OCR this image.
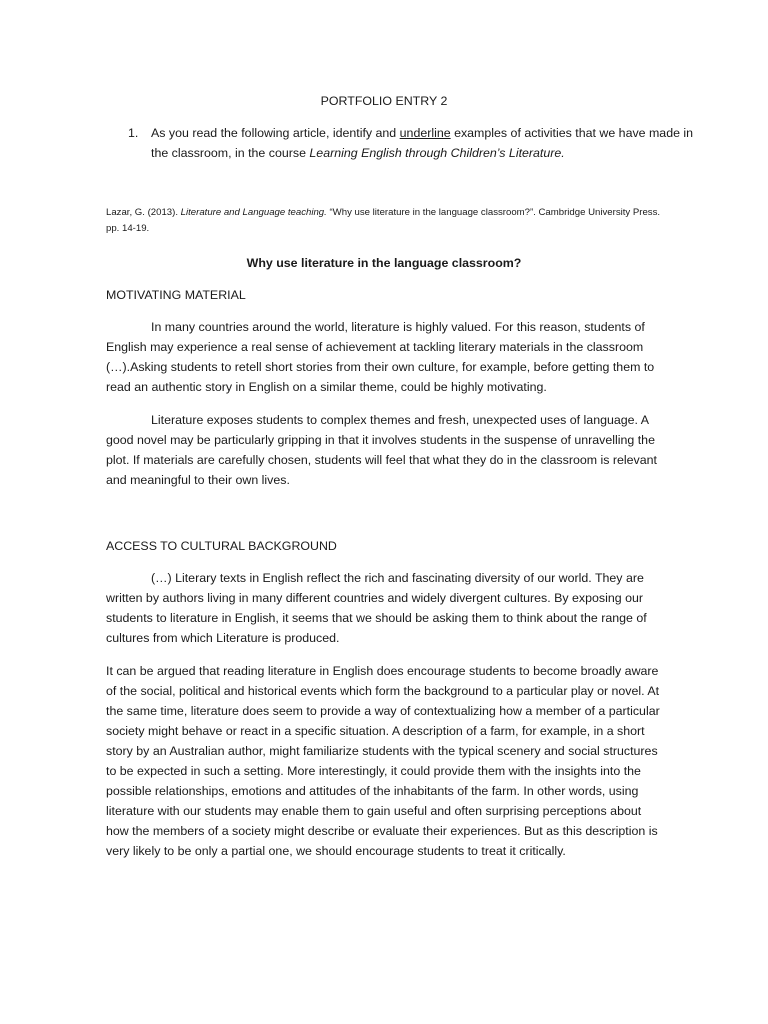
PORTFOLIO ENTRY 2
1. As you read the following article, identify and underline examples of activities that we have made in the classroom, in the course Learning English through Children’s Literature.
Lazar, G. (2013). Literature and Language teaching. “Why use literature in the language classroom?”. Cambridge University Press. pp. 14-19.
Why use literature in the language classroom?
MOTIVATING MATERIAL

In many countries around the world, literature is highly valued. For this reason, students of English may experience a real sense of achievement at tackling literary materials in the classroom (…).Asking students to retell short stories from their own culture, for example, before getting them to read an authentic story in English on a similar theme, could be highly motivating.

Literature exposes students to complex themes and fresh, unexpected uses of language. A good novel may be particularly gripping in that it involves students in the suspense of unravelling the plot. If materials are carefully chosen, students will feel that what they do in the classroom is relevant and meaningful to their own lives.

ACCESS TO CULTURAL BACKGROUND

(…) Literary texts in English reflect the rich and fascinating diversity of our world. They are written by authors living in many different countries and widely divergent cultures. By exposing our students to literature in English, it seems that we should be asking them to think about the range of cultures from which Literature is produced.

It can be argued that reading literature in English does encourage students to become broadly aware of the social, political and historical events which form the background to a particular play or novel. At the same time, literature does seem to provide a way of contextualizing how a member of a particular society might behave or react in a specific situation. A description of a farm, for example, in a short story by an Australian author, might familiarize students with the typical scenery and social structures to be expected in such a setting. More interestingly, it could provide them with the insights into the possible relationships, emotions and attitudes of the inhabitants of the farm. In other words, using literature with our students may enable them to gain useful and often surprising perceptions about how the members of a society might describe or evaluate their experiences. But as this description is very likely to be only a partial one, we should encourage students to treat it critically.
